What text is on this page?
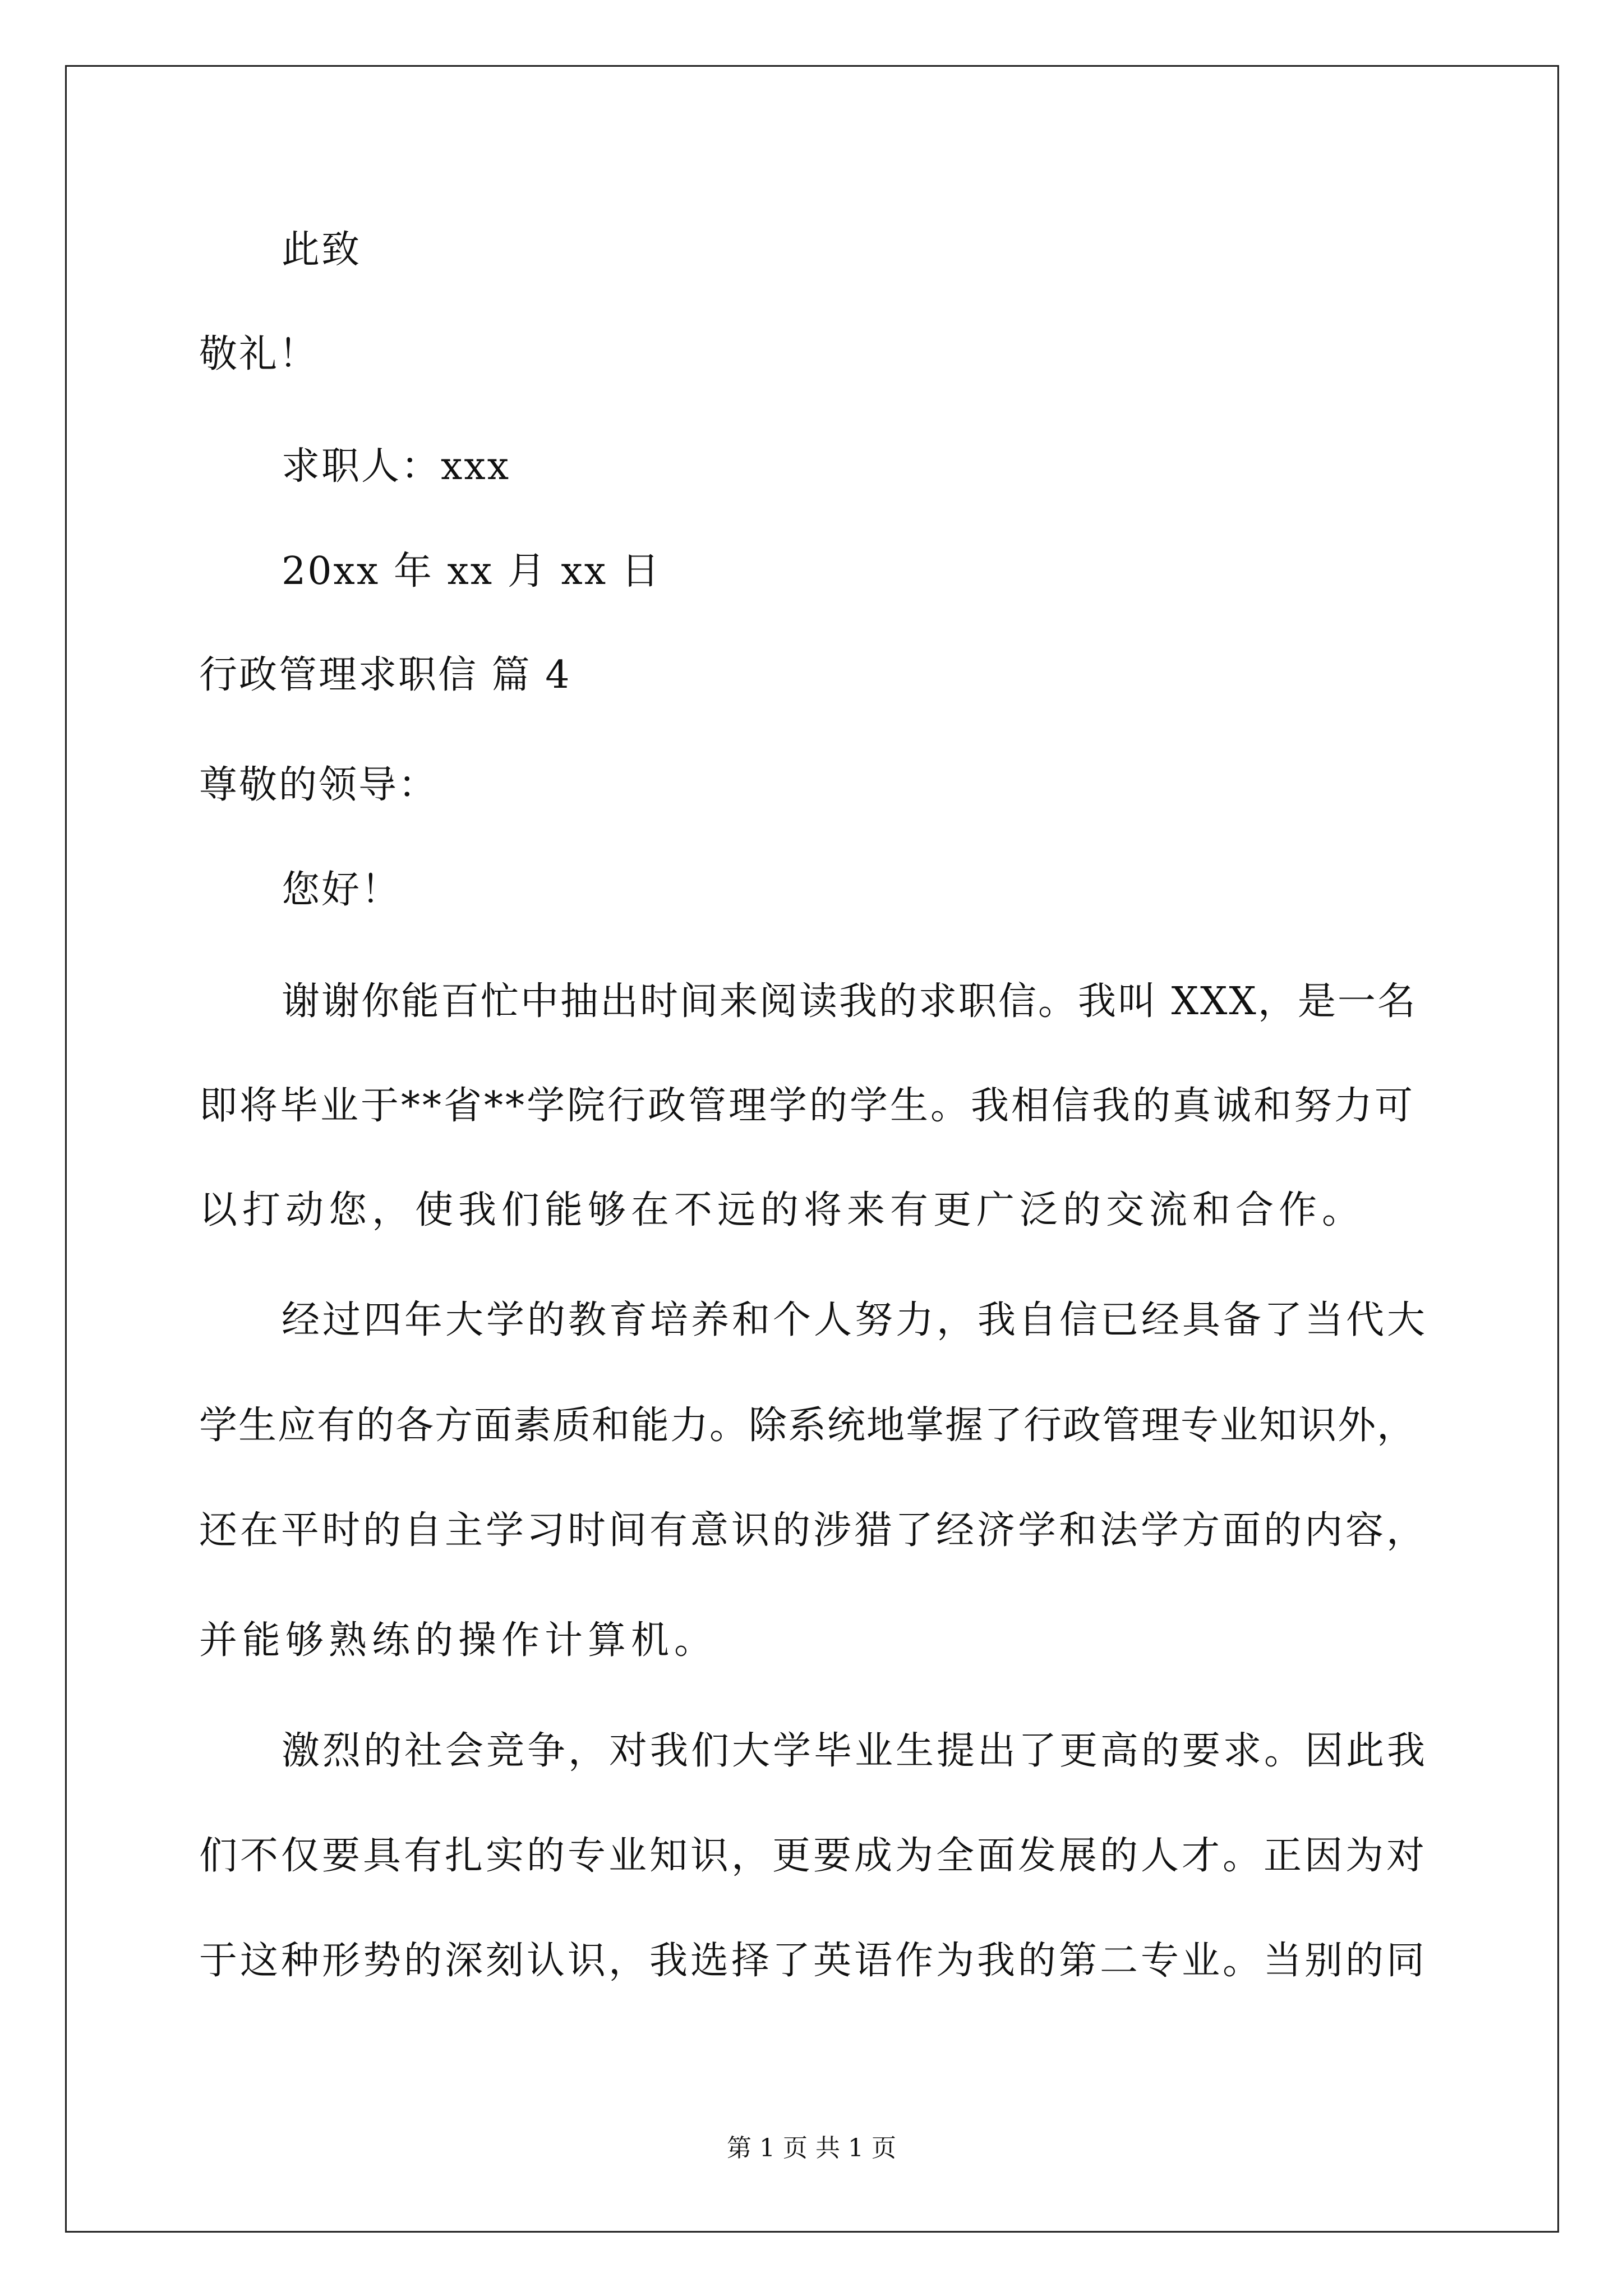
此致
敬礼！
求职人：xxx
20xx 年 xx 月 xx 日
行政管理求职信 篇 4
尊敬的领导：
您好！
谢谢你能百忙中抽出时间来阅读我的求职信。我叫 XXX，是一名
即将毕业于**省**学院行政管理学的学生。我相信我的真诚和努力可
以打动您，使我们能够在不远的将来有更广泛的交流和合作。
经过四年大学的教育培养和个人努力，我自信已经具备了当代大
学生应有的各方面素质和能力。除系统地掌握了行政管理专业知识外，
还在平时的自主学习时间有意识的涉猎了经济学和法学方面的内容，
并能够熟练的操作计算机。
激烈的社会竞争，对我们大学毕业生提出了更高的要求。因此我
们不仅要具有扎实的专业知识，更要成为全面发展的人才。正因为对
于这种形势的深刻认识，我选择了英语作为我的第二专业。当别的同
第 1 页 共 1 页
